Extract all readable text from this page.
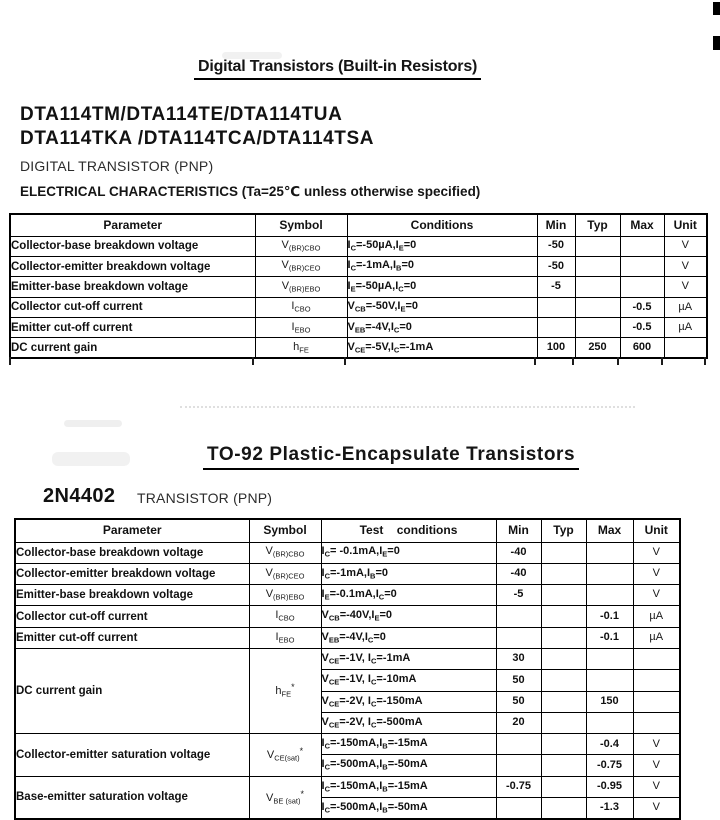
Digital Transistors (Built-in Resistors)
DTA114TM/DTA114TE/DTA114TUA
DTA114TKA /DTA114TCA/DTA114TSA
DIGITAL TRANSISTOR (PNP)
ELECTRICAL CHARACTERISTICS (Ta=25℃ unless otherwise specified)
Parameter	Symbol	Conditions	Min	Typ	Max	Unit
Collector-base breakdown voltage	$V_{(BR)CBO}$	$I_C=-50\mu A,I_E=0$	-50			V
Collector-emitter breakdown voltage	$V_{(BR)CEO}$	$I_C=-1mA,I_B=0$	-50			V
Emitter-base breakdown voltage	$V_{(BR)EBO}$	$I_E=-50\mu A,I_C=0$	-5			V
Collector cut-off current	$I_{CBO}$	$V_{CB}=-50V,I_E=0$			-0.5	µA
Emitter cut-off current	$I_{EBO}$	$V_{EB}=-4V,I_C=0$			-0.5	µA
DC current gain	$h_{FE}$	$V_{CE}=-5V,I_C=-1mA$	100	250	600	
TO-92 Plastic-Encapsulate Transistors
2N4402 TRANSISTOR (PNP)
Parameter	Symbol	Test    conditions	Min	Typ	Max	Unit
Collector-base breakdown voltage	$V_{(BR)CBO}$	$I_C= -0.1mA,I_E=0$	-40			V
Collector-emitter breakdown voltage	$V_{(BR)CEO}$	$I_C=-1mA,I_B=0$	-40			V
Emitter-base breakdown voltage	$V_{(BR)EBO}$	$I_E=-0.1mA,I_C=0$	-5			V
Collector cut-off current	$I_{CBO}$	$V_{CB}=-40V,I_E=0$			-0.1	µA
Emitter cut-off current	$I_{EBO}$	$V_{EB}=-4V,I_C=0$			-0.1	µA
DC current gain	$h_{FE}^*$	$V_{CE}=-1V$, $I_C=-1mA$	30			
		$V_{CE}=-1V$, $I_C=-10mA$	50			
		$V_{CE}=-2V$, $I_C=-150mA$	50		150	
		$V_{CE}=-2V$, $I_C=-500mA$	20			
Collector-emitter saturation voltage	$V_{CE(sat)}^*$	$I_C=-150mA,I_B=-15mA$			-0.4	V
		$I_C=-500mA,I_B=-50mA$			-0.75	V
Base-emitter saturation voltage	$V_{BE (sat)}^*$	$I_C=-150mA,I_B=-15mA$	-0.75		-0.95	V
		$I_C=-500mA,I_B=-50mA$			-1.3	V
